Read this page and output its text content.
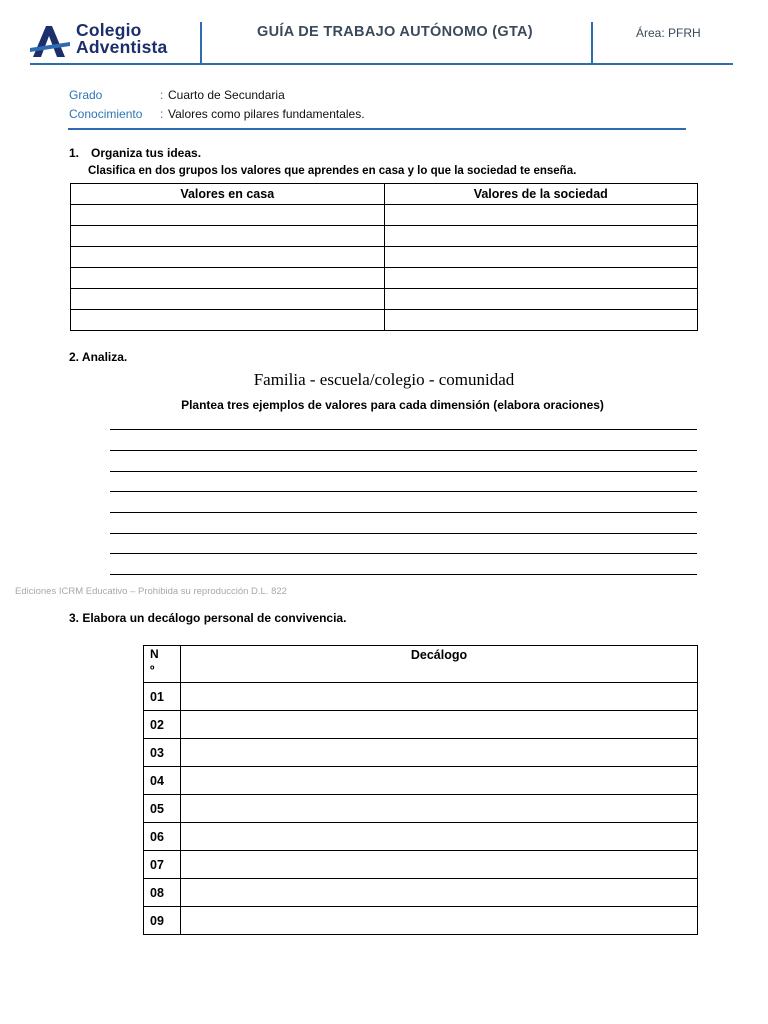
Colegio
Adventista
GUÍA DE TRABAJO AUTÓNOMO (GTA)	Área: PFRH
Grado	: Cuarto de Secundaria
Conocimiento : Valores como pilares fundamentales.
1. Organiza tus ideas.
Clasifica en dos grupos los valores que aprendes en casa y lo que la sociedad te enseña.
Valores en casa	Valores de la sociedad

2. Analiza.
Familia - escuela/colegio - comunidad
Plantea tres ejemplos de valores para cada dimensión (elabora oraciones)
Ediciones ICRM Educativo – Prohibida su reproducción D.L. 822
3. Elabora un decálogo personal de convivencia.
N º	Decálogo
01	
02	
03	
04	
05	
06	
07	
08	
09	
